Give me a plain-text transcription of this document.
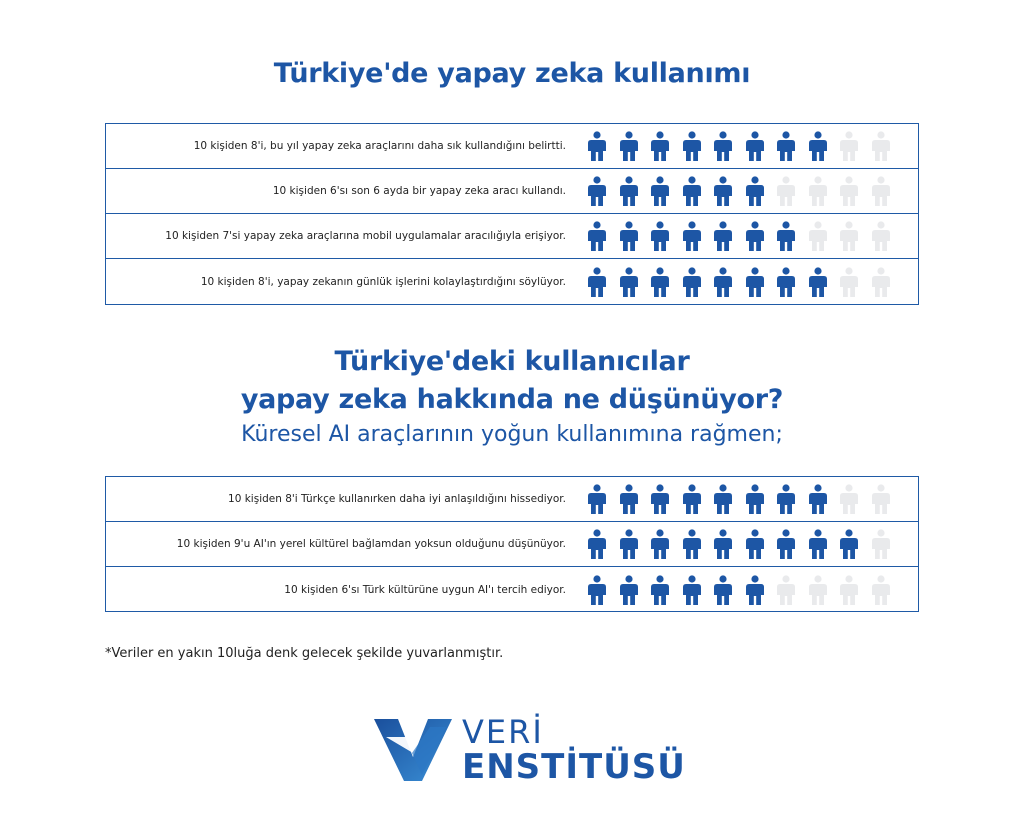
Türkiye'de yapay zeka kullanımı
10 kişiden 8'i, bu yıl yapay zeka araçlarını daha sık kullandığını belirtti.
10 kişiden 6'sı son 6 ayda bir yapay zeka aracı kullandı.
10 kişiden 7'si yapay zeka araçlarına mobil uygulamalar aracılığıyla erişiyor.
10 kişiden 8'i, yapay zekanın günlük işlerini kolaylaştırdığını söylüyor.
Türkiye'deki kullanıcılar
yapay zeka hakkında ne düşünüyor?
Küresel AI araçlarının yoğun kullanımına rağmen;
10 kişiden 8'i Türkçe kullanırken daha iyi anlaşıldığını hissediyor.
10 kişiden 9'u AI'ın yerel kültürel bağlamdan yoksun olduğunu düşünüyor.
10 kişiden 6'sı Türk kültürüne uygun AI'ı tercih ediyor.
*Veriler en yakın 10luğa denk gelecek şekilde yuvarlanmıştır.
VERİ
ENSTİTÜSÜ
